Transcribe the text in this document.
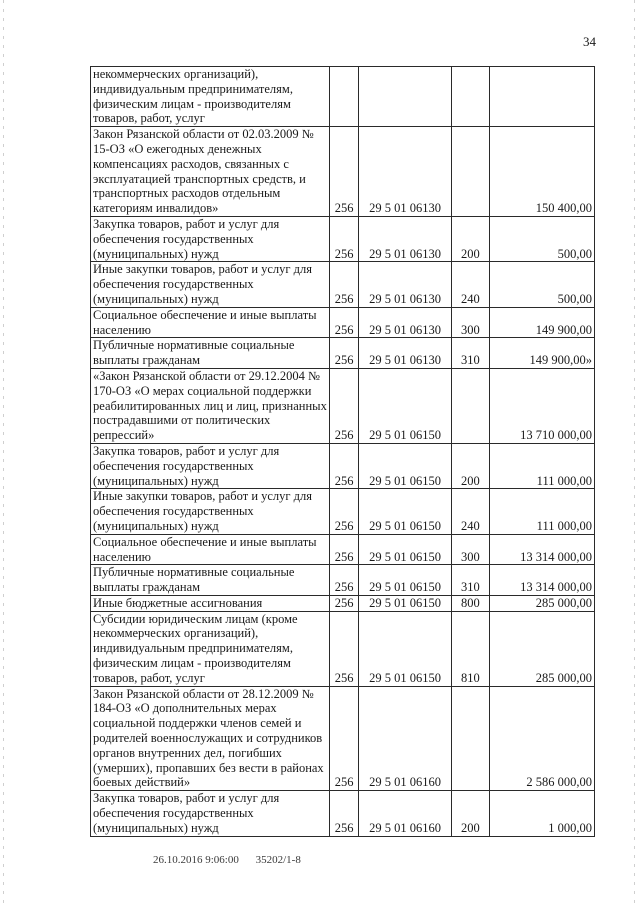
34
некоммерческих организаций), индивидуальным предпринимателям, физическим лицам - производителям товаров, работ, услуг				
Закон Рязанской области от 02.03.2009 № 15-ОЗ «О ежегодных денежных компенсациях расходов, связанных с эксплуатацией транспортных средств, и транспортных расходов отдельным категориям инвалидов»	256	29 5 01 06130		150 400,00
Закупка товаров, работ и услуг для обеспечения государственных (муниципальных) нужд	256	29 5 01 06130	200	500,00
Иные закупки товаров, работ и услуг для обеспечения государственных (муниципальных) нужд	256	29 5 01 06130	240	500,00
Социальное обеспечение и иные выплаты населению	256	29 5 01 06130	300	149 900,00
Публичные нормативные социальные выплаты гражданам	256	29 5 01 06130	310	149 900,00»
«Закон Рязанской области от 29.12.2004 № 170-ОЗ «О мерах социальной поддержки реабилитированных лиц и лиц, признанных пострадавшими от политических репрессий»	256	29 5 01 06150		13 710 000,00
Закупка товаров, работ и услуг для обеспечения государственных (муниципальных) нужд	256	29 5 01 06150	200	111 000,00
Иные закупки товаров, работ и услуг для обеспечения государственных (муниципальных) нужд	256	29 5 01 06150	240	111 000,00
Социальное обеспечение и иные выплаты населению	256	29 5 01 06150	300	13 314 000,00
Публичные нормативные социальные выплаты гражданам	256	29 5 01 06150	310	13 314 000,00
Иные бюджетные ассигнования	256	29 5 01 06150	800	285 000,00
Субсидии юридическим лицам (кроме некоммерческих организаций), индивидуальным предпринимателям, физическим лицам - производителям товаров, работ, услуг	256	29 5 01 06150	810	285 000,00
Закон Рязанской области от 28.12.2009 № 184-ОЗ «О дополнительных мерах социальной поддержки членов семей и родителей военнослужащих и сотрудников органов внутренних дел, погибших (умерших), пропавших без вести в районах боевых действий»	256	29 5 01 06160		2 586 000,00
Закупка товаров, работ и услуг для обеспечения государственных (муниципальных) нужд	256	29 5 01 06160	200	1 000,00
26.10.2016 9:06:00 35202/1-8
